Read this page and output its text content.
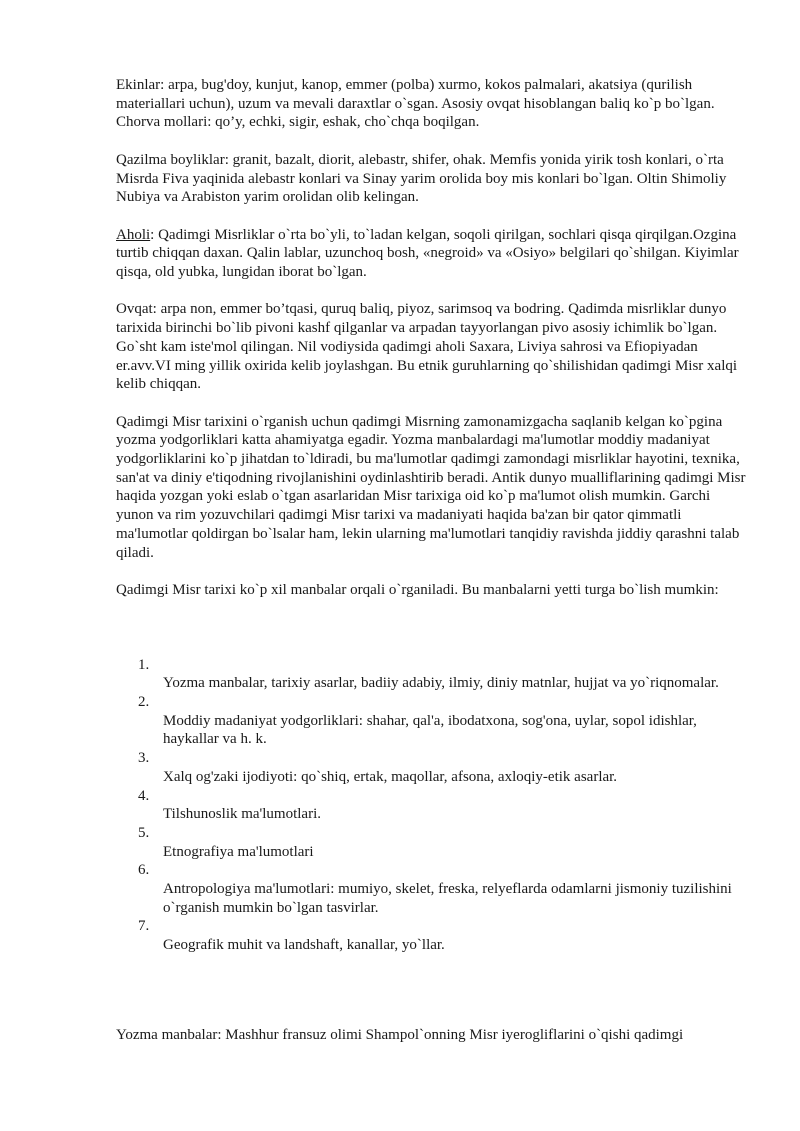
Ekinlar: arpa, bug'doy, kunjut, kanop, emmer (polba) xurmo, kokos palmalari, akatsiya (qurilish materiallari uchun), uzum va mevali daraxtlar o`sgan. Asosiy ovqat hisoblangan baliq ko`p bo`lgan. Chorva mollari: qo’y, echki, sigir, eshak, cho`chqa boqilgan.

Qazilma boyliklar: granit, bazalt, diorit, alebastr, shifer, ohak. Memfis yonida yirik tosh konlari, o`rta Misrda Fiva yaqinida alebastr konlari va Sinay yarim orolida boy mis konlari bo`lgan. Oltin Shimoliy Nubiya va Arabiston yarim orolidan olib kelingan.

Aholi: Qadimgi Misrliklar o`rta bo`yli, to`ladan kelgan, soqoli qirilgan, sochlari qisqa qirqilgan.Ozgina turtib chiqqan daxan. Qalin lablar, uzunchoq bosh, «negroid» va «Osiyo» belgilari qo`shilgan. Kiyimlar qisqa, old yubka, lungidan iborat bo`lgan.

Ovqat: arpa non, emmer bo’tqasi, quruq baliq, piyoz, sarimsoq va bodring. Qadimda misrliklar dunyo tarixida birinchi bo`lib pivoni kashf qilganlar va arpadan tayyorlangan pivo asosiy ichimlik bo`lgan. Go`sht kam iste'mol qilingan. Nil vodiysida qadimgi aholi Saxara, Liviya sahrosi va Efiopiyadan er.avv.VI ming yillik oxirida kelib joylashgan. Bu etnik guruhlarning qo`shilishidan qadimgi Misr xalqi kelib chiqqan.

Qadimgi Misr tarixini o`rganish uchun qadimgi Misrning zamonamizgacha saqlanib kelgan ko`pgina yozma yodgorliklari katta ahamiyatga egadir. Yozma manbalardagi ma'lumotlar moddiy madaniyat yodgorliklarini ko`p jihatdan to`ldiradi, bu ma'lumotlar qadimgi zamondagi misrliklar hayotini, texnika, san'at va diniy e'tiqodning rivojlanishini oydinlashtirib beradi. Antik dunyo mualliflarining qadimgi Misr haqida yozgan yoki eslab o`tgan asarlaridan Misr tarixiga oid ko`p ma'lumot olish mumkin. Garchi yunon va rim yozuvchilari qadimgi Misr tarixi va madaniyati haqida ba'zan bir qator qimmatli ma'lumotlar qoldirgan bo`lsalar ham, lekin ularning ma'lumotlari tanqidiy ravishda jiddiy qarashni talab qiladi.

Qadimgi Misr tarixi ko`p xil manbalar orqali o`rganiladi. Bu manbalarni yetti turga bo`lish mumkin:

1.
Yozma manbalar, tarixiy asarlar, badiiy adabiy, ilmiy, diniy matnlar, hujjat va yo`riqnomalar.
2.
Moddiy madaniyat yodgorliklari: shahar, qal'a, ibodatxona, sog'ona, uylar, sopol idishlar, haykallar va h. k.
3.
Xalq og'zaki ijodiyoti: qo`shiq, ertak, maqollar, afsona, axloqiy-etik asarlar.
4.
Tilshunoslik ma'lumotlari.
5.
Etnografiya ma'lumotlari
6.
Antropologiya ma'lumotlari: mumiyo, skelet, freska, relyeflarda odamlarni jismoniy tuzilishini o`rganish mumkin bo`lgan tasvirlar.
7.
Geografik muhit va landshaft, kanallar, yo`llar.

Yozma manbalar: Mashhur fransuz olimi Shampol`onning Misr iyerogliflarini o`qishi qadimgi
